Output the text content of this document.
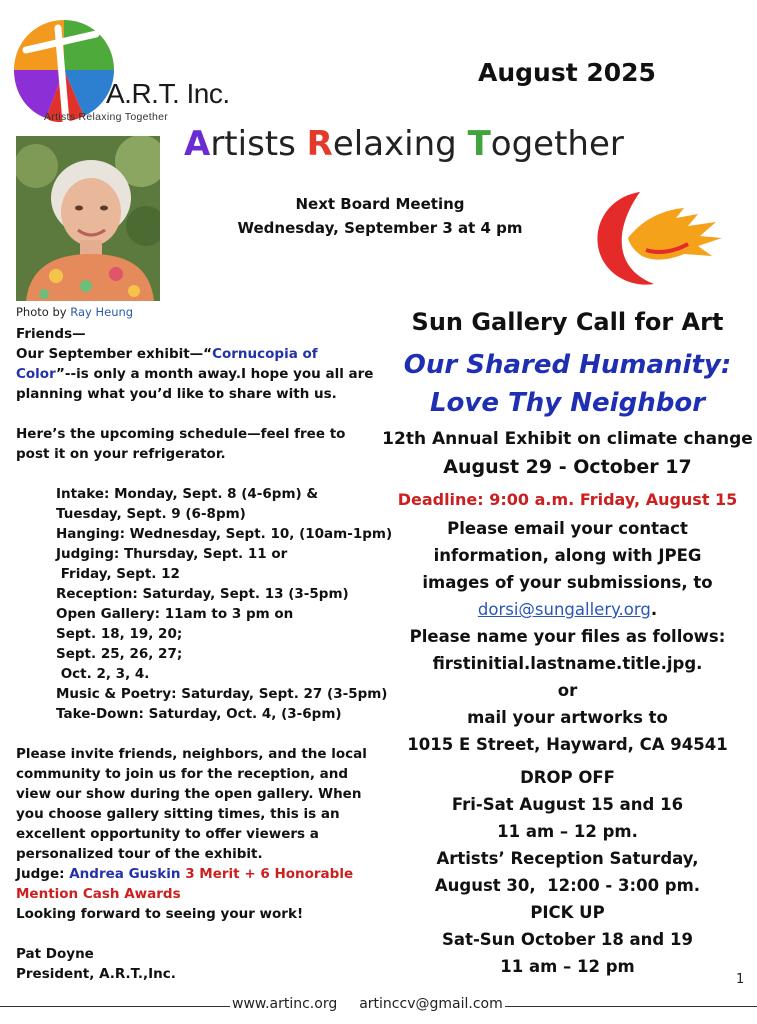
A.R.T. Inc.
Artists Relaxing Together
August 2025
Artists Relaxing Together
Photo by Ray Heung
Next Board Meeting
Wednesday, September 3 at 4 pm

Friends—

Our September exhibit—“Cornucopia of Color”--is only a month away.I hope you all are planning what you’d like to share with us.

Here’s the upcoming schedule—feel free to post it on your refrigerator.

Intake: Monday, Sept. 8 (4-6pm) &
Tuesday, Sept. 9 (6-8pm)
Hanging: Wednesday, Sept. 10, (10am-1pm)
Judging: Thursday, Sept. 11 or
Friday, Sept. 12
Reception: Saturday, Sept. 13 (3-5pm)
Open Gallery: 11am to 3 pm on
Sept. 18, 19, 20;
Sept. 25, 26, 27;
Oct. 2, 3, 4.
Music & Poetry: Saturday, Sept. 27 (3-5pm)
Take-Down: Saturday, Oct. 4, (3-6pm)

Please invite friends, neighbors, and the local community to join us for the reception, and view our show during the open gallery. When you choose gallery sitting times, this is an excellent opportunity to offer viewers a personalized tour of the exhibit.

Judge: Andrea Guskin 3 Merit + 6 Honorable Mention Cash Awards

Looking forward to seeing your work!

Pat Doyne

President, A.R.T.,Inc.

Sun Gallery Call for Art
Our Shared Humanity:
Love Thy Neighbor
12th Annual Exhibit on climate change
August 29 - October 17
Deadline: 9:00 a.m. Friday, August 15
Please email your contact
information, along with JPEG
images of your submissions, to
dorsi@sungallery.org.
Please name your files as follows:
firstinitial.lastname.title.jpg.
or
mail your artworks to
1015 E Street, Hayward, CA 94541
DROP OFF
Fri-Sat August 15 and 16
11 am – 12 pm.
Artists’ Reception Saturday,
August 30,  12:00 - 3:00 pm.
PICK UP
Sat-Sun October 18 and 19
11 am – 12 pm
1
www.artinc.org artinccv@gmail.com
